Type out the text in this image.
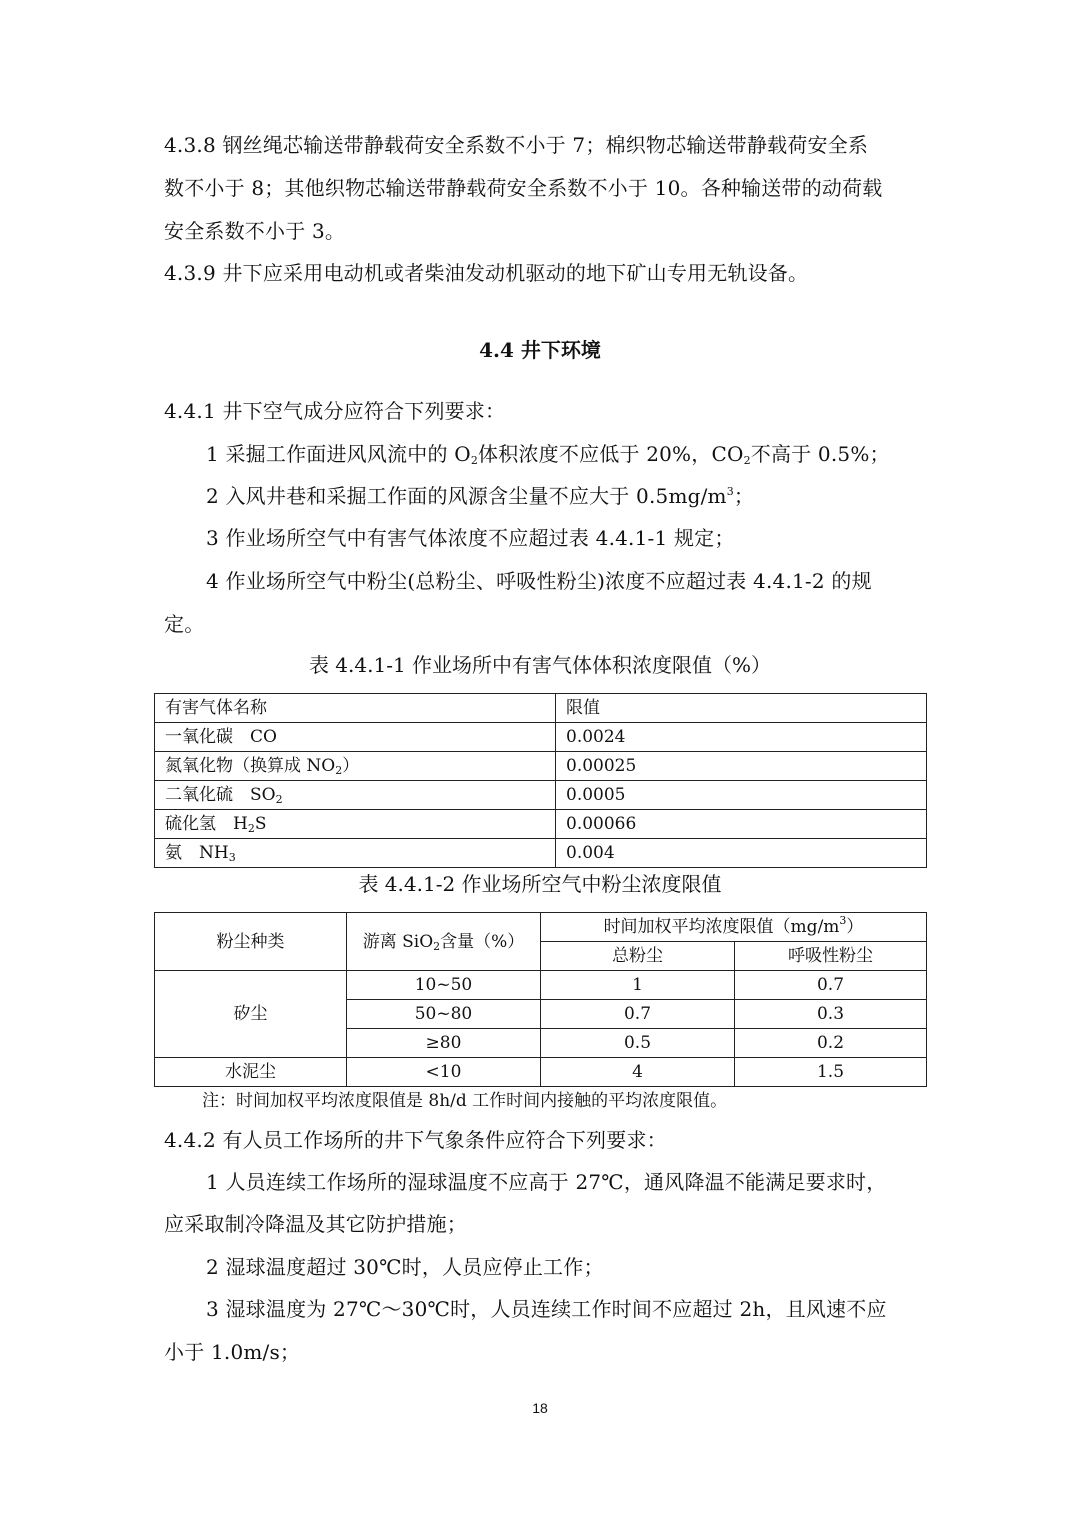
4.3.8 钢丝绳芯输送带静载荷安全系数不小于 7；棉织物芯输送带静载荷安全系
数不小于 8；其他织物芯输送带静载荷安全系数不小于 10。各种输送带的动荷载
安全系数不小于 3。
4.3.9 井下应采用电动机或者柴油发动机驱动的地下矿山专用无轨设备。
4.4 井下环境
4.4.1 井下空气成分应符合下列要求：
1 采掘工作面进风风流中的 $O_2$体积浓度不应低于 20%，$CO_2$不高于 0.5%；
2 入风井巷和采掘工作面的风源含尘量不应大于 $0.5mg/m^3$；
3 作业场所空气中有害气体浓度不应超过表 4.4.1-1 规定；
4 作业场所空气中粉尘(总粉尘、呼吸性粉尘)浓度不应超过表 4.4.1-2 的规
定。
表 4.4.1-1 作业场所中有害气体体积浓度限值（%）
有害气体名称	限值
一氧化碳　CO	0.0024
氮氧化物（换算成 $NO_2$）	0.00025
二氧化硫　$SO_2$	0.0005
硫化氢　$H_2S$	0.00066
氨　$NH_3$	0.004
表 4.4.1-2 作业场所空气中粉尘浓度限值
粉尘种类	游离 SiO$_2$含量（%）	时间加权平均浓度限值$(mg/m^3)$	
		总粉尘	呼吸性粉尘
矽尘	10~50	1	0.7
	50~80	0.7	0.3
	≥80	0.5	0.2
水泥尘	<10	4	1.5
注：时间加权平均浓度限值是 8h/d 工作时间内接触的平均浓度限值。
4.4.2 有人员工作场所的井下气象条件应符合下列要求：
1 人员连续工作场所的湿球温度不应高于 27℃，通风降温不能满足要求时，
应采取制冷降温及其它防护措施；
2 湿球温度超过 30℃时，人员应停止工作；
3 湿球温度为 27℃～30℃时，人员连续工作时间不应超过 2h，且风速不应
小于 1.0m/s；
18
